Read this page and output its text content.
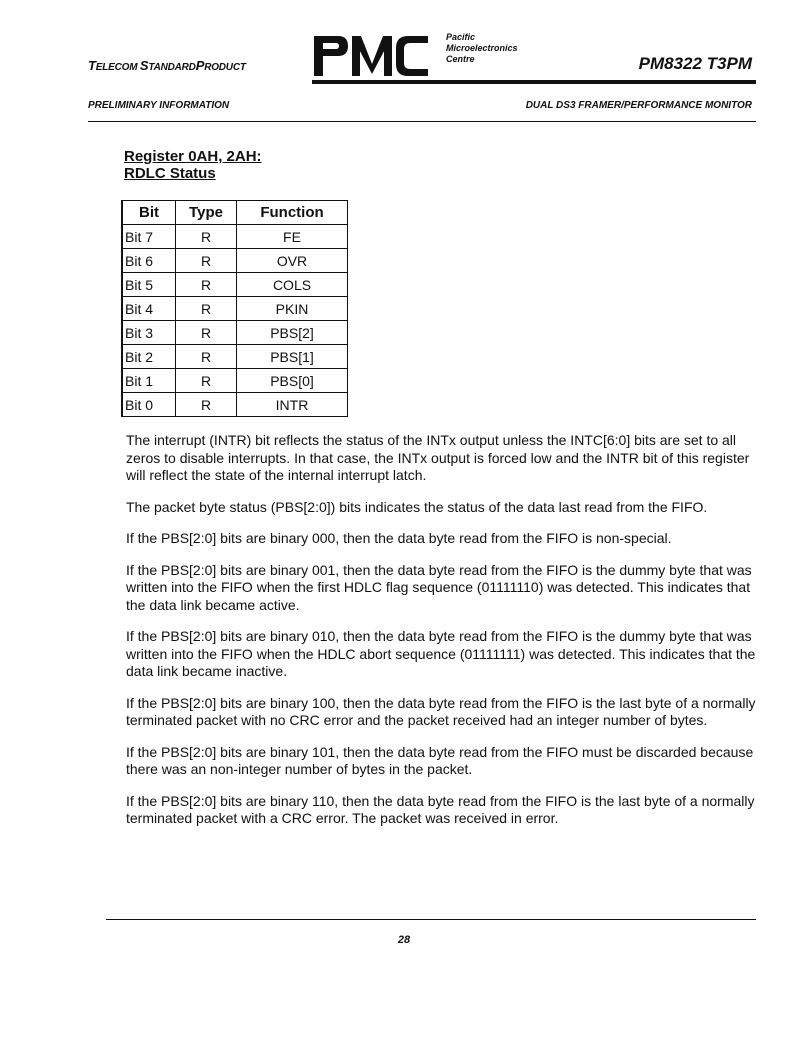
TELECOM STANDARDPRODUCT
Pacific
Microelectronics
Centre	PM8322 T3PM
PRELIMINARY INFORMATION	DUAL DS3 FRAMER/PERFORMANCE MONITOR
Register 0AH, 2AH:
RDLC Status
Bit	Type	Function
Bit 7	R	FE
Bit 6	R	OVR
Bit 5	R	COLS
Bit 4	R	PKIN
Bit 3	R	PBS[2]
Bit 2	R	PBS[1]
Bit 1	R	PBS[0]
Bit 0	R	INTR

The interrupt (INTR) bit reflects the status of the INTx output unless the INTC[6:0] bits are set to all zeros to disable interrupts. In that case, the INTx output is forced low and the INTR bit of this register will reflect the state of the internal interrupt latch.

The packet byte status (PBS[2:0]) bits indicates the status of the data last read from the FIFO.

If the PBS[2:0] bits are binary 000, then the data byte read from the FIFO is non-special.

If the PBS[2:0] bits are binary 001, then the data byte read from the FIFO is the dummy byte that was written into the FIFO when the first HDLC flag sequence (01111110) was detected. This indicates that the data link became active.

If the PBS[2:0] bits are binary 010, then the data byte read from the FIFO is the dummy byte that was written into the FIFO when the HDLC abort sequence (01111111) was detected. This indicates that the data link became inactive.

If the PBS[2:0] bits are binary 100, then the data byte read from the FIFO is the last byte of a normally terminated packet with no CRC error and the packet received had an integer number of bytes.

If the PBS[2:0] bits are binary 101, then the data byte read from the FIFO must be discarded because there was an non-integer number of bytes in the packet.

If the PBS[2:0] bits are binary 110, then the data byte read from the FIFO is the last byte of a normally terminated packet with a CRC error. The packet was received in error.

28
